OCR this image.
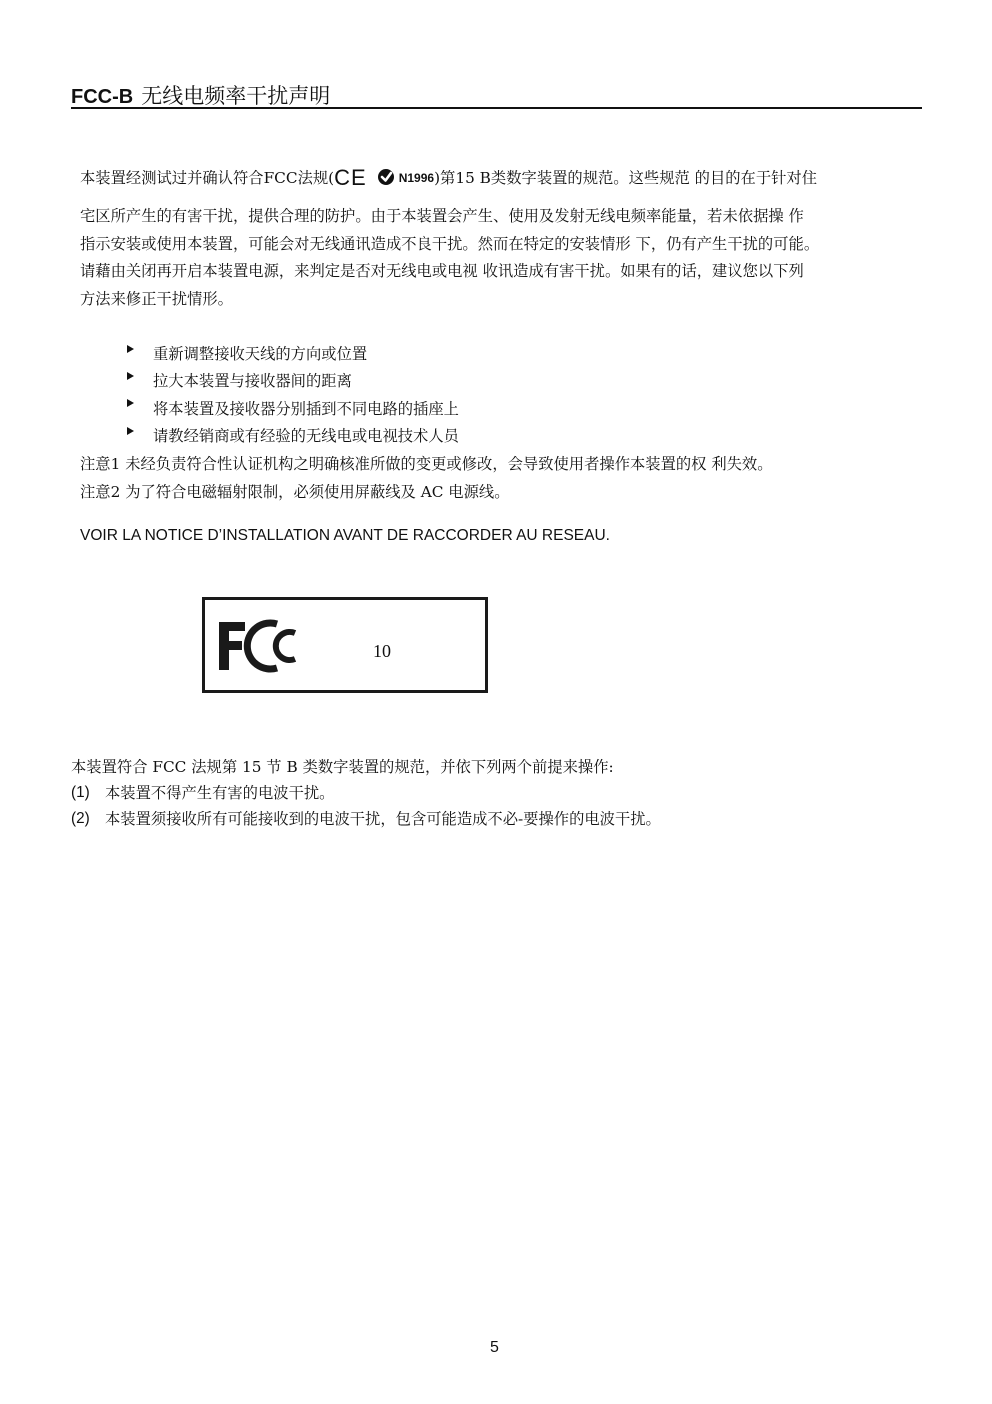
FCC-B 无线电频率干扰声明
本装置经测试过并确认符合FCC法规(CE	N1996)第15 B类数字装置的规范。这些规范 的目的在于针对住
宅区所产生的有害干扰，提供合理的防护。由于本装置会产生、使用及发射无线电频率能量，若未依据操 作
指示安装或使用本装置，可能会对无线通讯造成不良干扰。然而在特定的安装情形 下，仍有产生干扰的可能。
请藉由关闭再开启本装置电源，来判定是否对无线电或电视 收讯造成有害干扰。如果有的话，建议您以下列
方法来修正干扰情形。
重新调整接收天线的方向或位置
拉大本装置与接收器间的距离
将本装置及接收器分别插到不同电路的插座上
请教经销商或有经验的无线电或电视技术人员
注意1 未经负责符合性认证机构之明确核准所做的变更或修改，会导致使用者操作本装置的权 利失效。
注意2 为了符合电磁辐射限制，必须使用屏蔽线及 AC 电源线。
VOIR LA NOTICE D’INSTALLATION AVANT DE RACCORDER AU RESEAU.
10
本装置符合 FCC 法规第 15 节 B 类数字装置的规范，并依下列两个前提来操作:
(1) 本装置不得产生有害的电波干扰。
(2) 本装置须接收所有可能接收到的电波干扰，包含可能造成不必-要操作的电波干扰。
5
